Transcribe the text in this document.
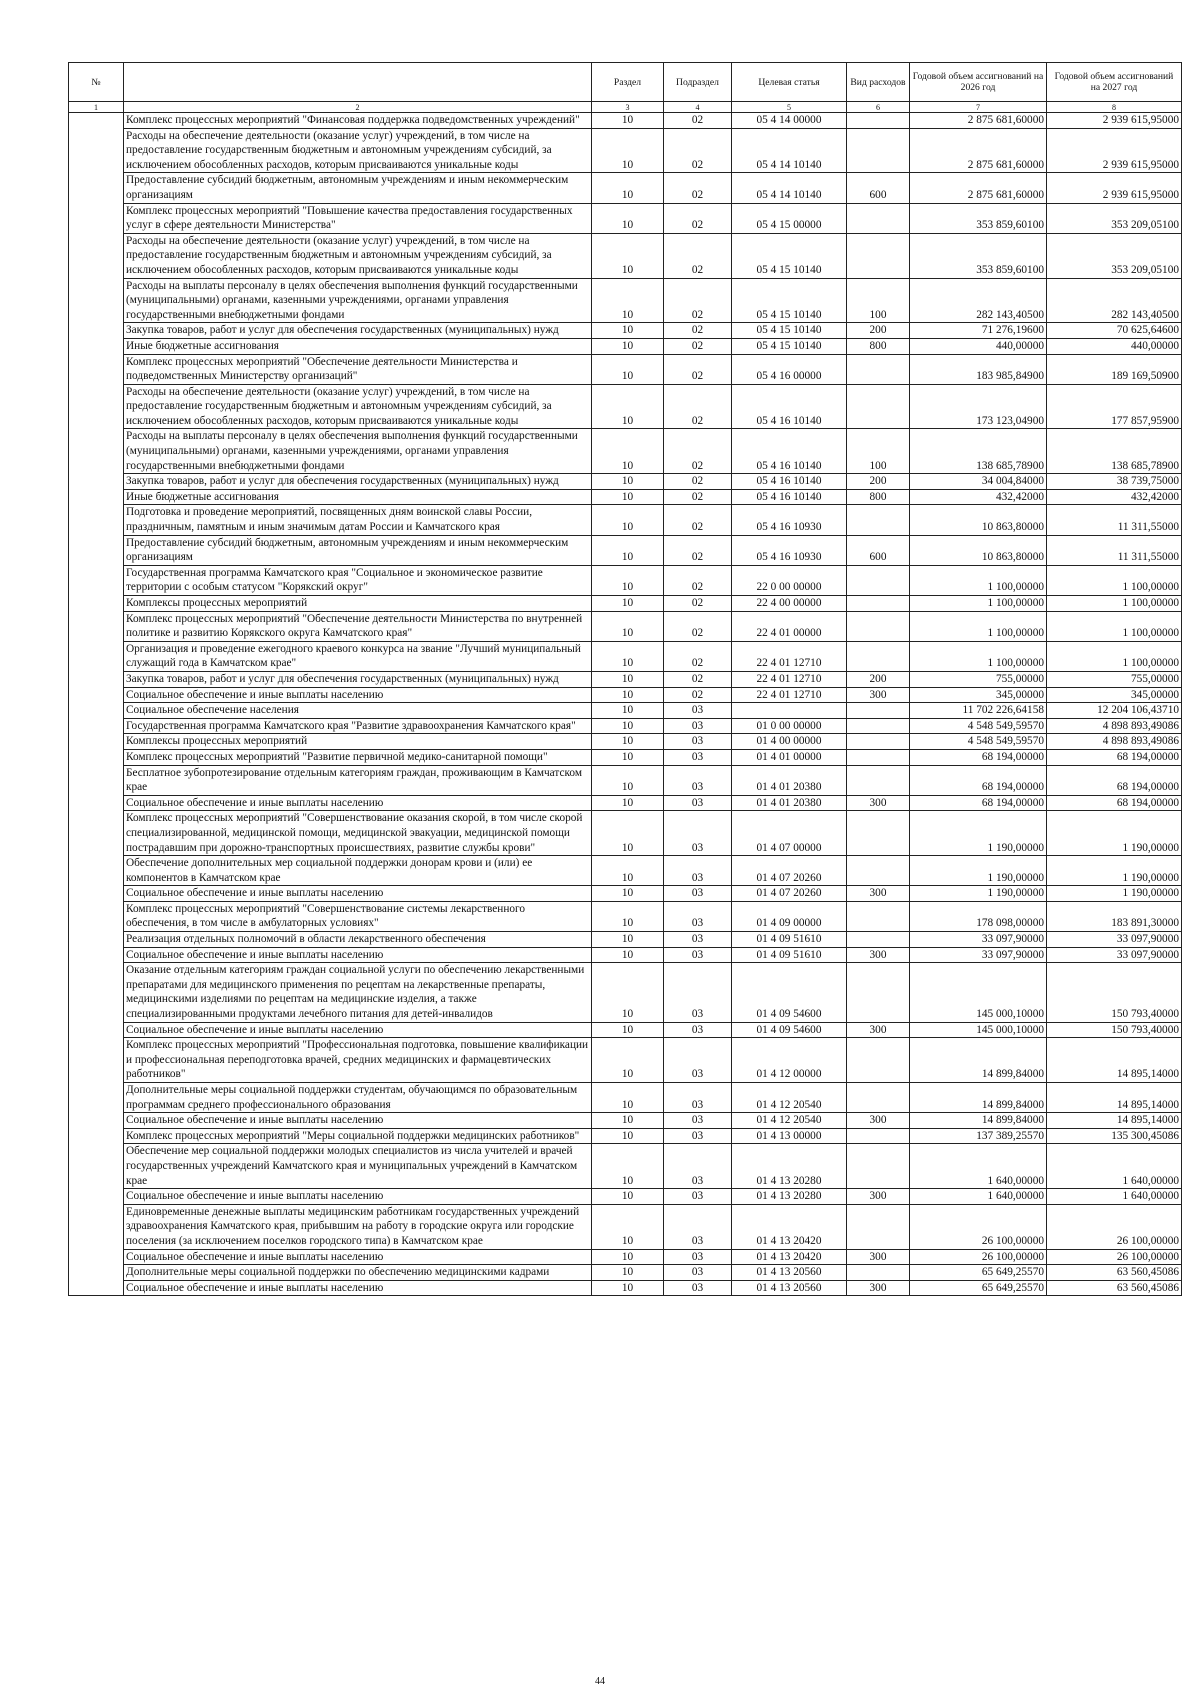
№		Раздел	Подраздел	Целевая статья	Вид расходов	Годовой объем ассигнований на 2026 год	Годовой объем ассигнований на 2027 год
1	2	3	4	5	6	7	8
	Комплекс процессных мероприятий "Финансовая поддержка подведомственных учреждений"	10	02	05 4 14 00000		2 875 681,60000	2 939 615,95000
	Расходы на обеспечение деятельности (оказание услуг) учреждений, в том числе на предоставление государственным бюджетным и автономным учреждениям субсидий, за исключением обособленных расходов, которым присваиваются уникальные коды	10	02	05 4 14 10140		2 875 681,60000	2 939 615,95000
	Предоставление субсидий бюджетным, автономным учреждениям и иным некоммерческим организациям	10	02	05 4 14 10140	600	2 875 681,60000	2 939 615,95000
	Комплекс процессных мероприятий "Повышение качества предоставления государственных услуг в сфере деятельности Министерства"	10	02	05 4 15 00000		353 859,60100	353 209,05100
	Расходы на обеспечение деятельности (оказание услуг) учреждений, в том числе на предоставление государственным бюджетным и автономным учреждениям субсидий, за исключением обособленных расходов, которым присваиваются уникальные коды	10	02	05 4 15 10140		353 859,60100	353 209,05100
	Расходы на выплаты персоналу в целях обеспечения выполнения функций государственными (муниципальными) органами, казенными учреждениями, органами управления государственными внебюджетными фондами	10	02	05 4 15 10140	100	282 143,40500	282 143,40500
	Закупка товаров, работ и услуг для обеспечения государственных (муниципальных) нужд	10	02	05 4 15 10140	200	71 276,19600	70 625,64600
	Иные бюджетные ассигнования	10	02	05 4 15 10140	800	440,00000	440,00000
	Комплекс процессных мероприятий "Обеспечение деятельности Министерства и подведомственных Министерству организаций"	10	02	05 4 16 00000		183 985,84900	189 169,50900
	Расходы на обеспечение деятельности (оказание услуг) учреждений, в том числе на предоставление государственным бюджетным и автономным учреждениям субсидий, за исключением обособленных расходов, которым присваиваются уникальные коды	10	02	05 4 16 10140		173 123,04900	177 857,95900
	Расходы на выплаты персоналу в целях обеспечения выполнения функций государственными (муниципальными) органами, казенными учреждениями, органами управления государственными внебюджетными фондами	10	02	05 4 16 10140	100	138 685,78900	138 685,78900
	Закупка товаров, работ и услуг для обеспечения государственных (муниципальных) нужд	10	02	05 4 16 10140	200	34 004,84000	38 739,75000
	Иные бюджетные ассигнования	10	02	05 4 16 10140	800	432,42000	432,42000
	Подготовка и проведение мероприятий, посвященных дням воинской славы России, праздничным, памятным и иным значимым датам России и Камчатского края	10	02	05 4 16 10930		10 863,80000	11 311,55000
	Предоставление субсидий бюджетным, автономным учреждениям и иным некоммерческим организациям	10	02	05 4 16 10930	600	10 863,80000	11 311,55000
	Государственная программа Камчатского края "Социальное и экономическое развитие территории с особым статусом "Корякский округ"	10	02	22 0 00 00000		1 100,00000	1 100,00000
	Комплексы процессных мероприятий	10	02	22 4 00 00000		1 100,00000	1 100,00000
	Комплекс процессных мероприятий "Обеспечение деятельности Министерства по внутренней политике и развитию Корякского округа Камчатского края"	10	02	22 4 01 00000		1 100,00000	1 100,00000
	Организация и проведение ежегодного краевого конкурса на звание "Лучший муниципальный служащий года в Камчатском крае"	10	02	22 4 01 12710		1 100,00000	1 100,00000
	Закупка товаров, работ и услуг для обеспечения государственных (муниципальных) нужд	10	02	22 4 01 12710	200	755,00000	755,00000
	Социальное обеспечение и иные выплаты населению	10	02	22 4 01 12710	300	345,00000	345,00000
	Социальное обеспечение населения	10	03			11 702 226,64158	12 204 106,43710
	Государственная программа Камчатского края "Развитие здравоохранения Камчатского края"	10	03	01 0 00 00000		4 548 549,59570	4 898 893,49086
	Комплексы процессных мероприятий	10	03	01 4 00 00000		4 548 549,59570	4 898 893,49086
	Комплекс процессных мероприятий "Развитие первичной медико-санитарной помощи"	10	03	01 4 01 00000		68 194,00000	68 194,00000
	Бесплатное зубопротезирование отдельным категориям граждан, проживающим в Камчатском крае	10	03	01 4 01 20380		68 194,00000	68 194,00000
	Социальное обеспечение и иные выплаты населению	10	03	01 4 01 20380	300	68 194,00000	68 194,00000
	Комплекс процессных мероприятий "Совершенствование оказания скорой, в том числе скорой специализированной, медицинской помощи, медицинской эвакуации, медицинской помощи пострадавшим при дорожно-транспортных происшествиях, развитие службы крови"	10	03	01 4 07 00000		1 190,00000	1 190,00000
	Обеспечение дополнительных мер социальной поддержки донорам крови и (или) ее компонентов в Камчатском крае	10	03	01 4 07 20260		1 190,00000	1 190,00000
	Социальное обеспечение и иные выплаты населению	10	03	01 4 07 20260	300	1 190,00000	1 190,00000
	Комплекс процессных мероприятий "Совершенствование системы лекарственного обеспечения, в том числе в амбулаторных условиях"	10	03	01 4 09 00000		178 098,00000	183 891,30000
	Реализация отдельных полномочий в области лекарственного обеспечения	10	03	01 4 09 51610		33 097,90000	33 097,90000
	Социальное обеспечение и иные выплаты населению	10	03	01 4 09 51610	300	33 097,90000	33 097,90000
	Оказание отдельным категориям граждан социальной услуги по обеспечению лекарственными препаратами для медицинского применения по рецептам на лекарственные препараты, медицинскими изделиями по рецептам на медицинские изделия, а также специализированными продуктами лечебного питания для детей-инвалидов	10	03	01 4 09 54600		145 000,10000	150 793,40000
	Социальное обеспечение и иные выплаты населению	10	03	01 4 09 54600	300	145 000,10000	150 793,40000
	Комплекс процессных мероприятий "Профессиональная подготовка, повышение квалификации и профессиональная переподготовка врачей, средних медицинских и фармацевтических работников"	10	03	01 4 12 00000		14 899,84000	14 895,14000
	Дополнительные меры социальной поддержки студентам, обучающимся по образовательным программам среднего профессионального образования	10	03	01 4 12 20540		14 899,84000	14 895,14000
	Социальное обеспечение и иные выплаты населению	10	03	01 4 12 20540	300	14 899,84000	14 895,14000
	Комплекс процессных мероприятий "Меры социальной поддержки медицинских работников"	10	03	01 4 13 00000		137 389,25570	135 300,45086
	Обеспечение мер социальной поддержки молодых специалистов из числа учителей и врачей государственных учреждений Камчатского края и муниципальных учреждений в Камчатском крае	10	03	01 4 13 20280		1 640,00000	1 640,00000
	Социальное обеспечение и иные выплаты населению	10	03	01 4 13 20280	300	1 640,00000	1 640,00000
	Единовременные денежные выплаты медицинским работникам государственных учреждений здравоохранения Камчатского края, прибывшим на работу в городские округа или городские поселения (за исключением поселков городского типа) в Камчатском крае	10	03	01 4 13 20420		26 100,00000	26 100,00000
	Социальное обеспечение и иные выплаты населению	10	03	01 4 13 20420	300	26 100,00000	26 100,00000
	Дополнительные меры социальной поддержки по обеспечению медицинскими кадрами	10	03	01 4 13 20560		65 649,25570	63 560,45086
	Социальное обеспечение и иные выплаты населению	10	03	01 4 13 20560	300	65 649,25570	63 560,45086
44
